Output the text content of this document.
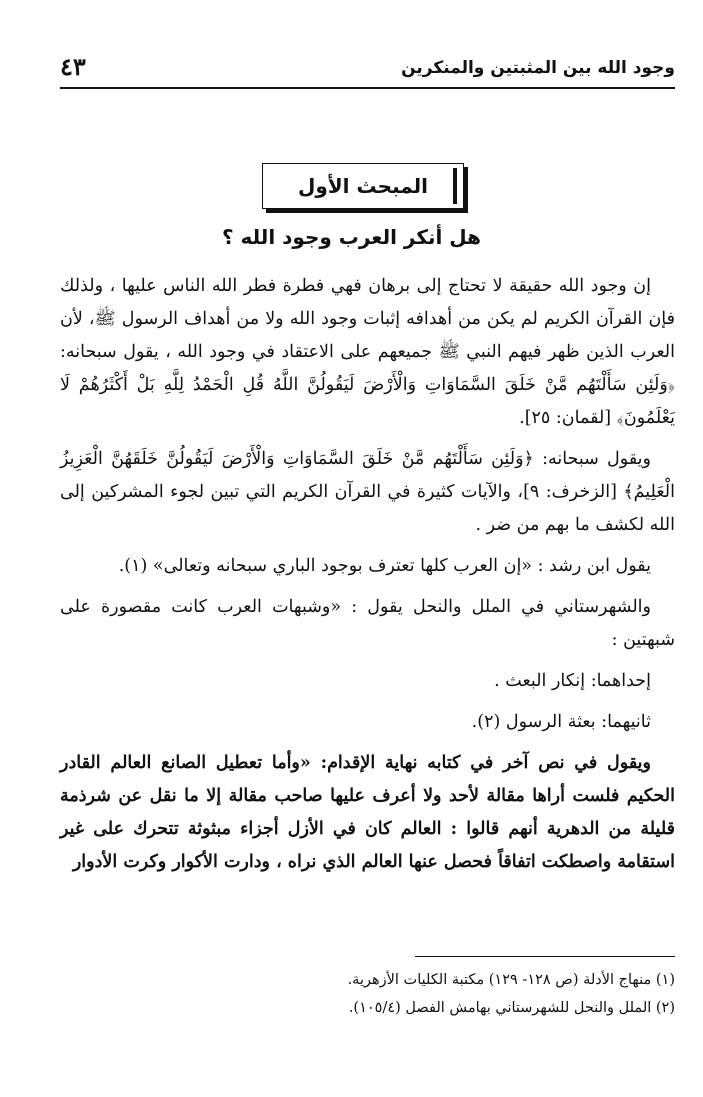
وجود الله بين المثبتين والمنكرين
٤٣
المبحث الأول
هل أنكر العرب وجود الله ؟

إن وجود الله حقيقة لا تحتاج إلى برهان فهي فطرة فطر الله الناس عليها ، ولذلك فإن القرآن الكريم لم يكن من أهدافه إثبات وجود الله ولا من أهداف الرسول ﷺ، لأن العرب الذين ظهر فيهم النبي ﷺ جميعهم على الاعتقاد في وجود الله ، يقول سبحانه: ﴿وَلَئِن سَأَلْتَهُم مَّنْ خَلَقَ السَّمَاوَاتِ وَالْأَرْضَ لَيَقُولُنَّ اللَّهُ قُلِ الْحَمْدُ لِلَّهِ بَلْ أَكْثَرُهُمْ لَا يَعْلَمُونَ﴾ [لقمان: ٢٥].

ويقول سبحانه: ﴿وَلَئِن سَأَلْتَهُم مَّنْ خَلَقَ السَّمَاوَاتِ وَالْأَرْضَ لَيَقُولُنَّ خَلَقَهُنَّ الْعَزِيزُ الْعَلِيمُ﴾ [الزخرف: ٩]، والآيات كثيرة في القرآن الكريم التي تبين لجوء المشركين إلى الله لكشف ما بهم من ضر .

يقول ابن رشد : «إن العرب كلها تعترف بوجود الباري سبحانه وتعالى» (١).

والشهرستاني في الملل والنحل يقول : «وشبهات العرب كانت مقصورة على شبهتين :

إحداهما: إنكار البعث .

ثانيهما: بعثة الرسول (٢).

ويقول في نص آخر في كتابه نهاية الإقدام: «وأما تعطيل الصانع العالم القادر الحكيم فلست أراها مقالة لأحد ولا أعرف عليها صاحب مقالة إلا ما نقل عن شرذمة قليلة من الدهرية أنهم قالوا : العالم كان في الأزل أجزاء مبثوثة تتحرك على غير استقامة واصطكت اتفاقاً فحصل عنها العالم الذي نراه ، ودارت الأكوار وكرت الأدوار

(١) منهاج الأدلة (ص ١٢٨- ١٢٩) مكتبة الكليات الأزهرية.

(٢) الملل والنحل للشهرستاني بهامش الفصل (١٠٥/٤).
